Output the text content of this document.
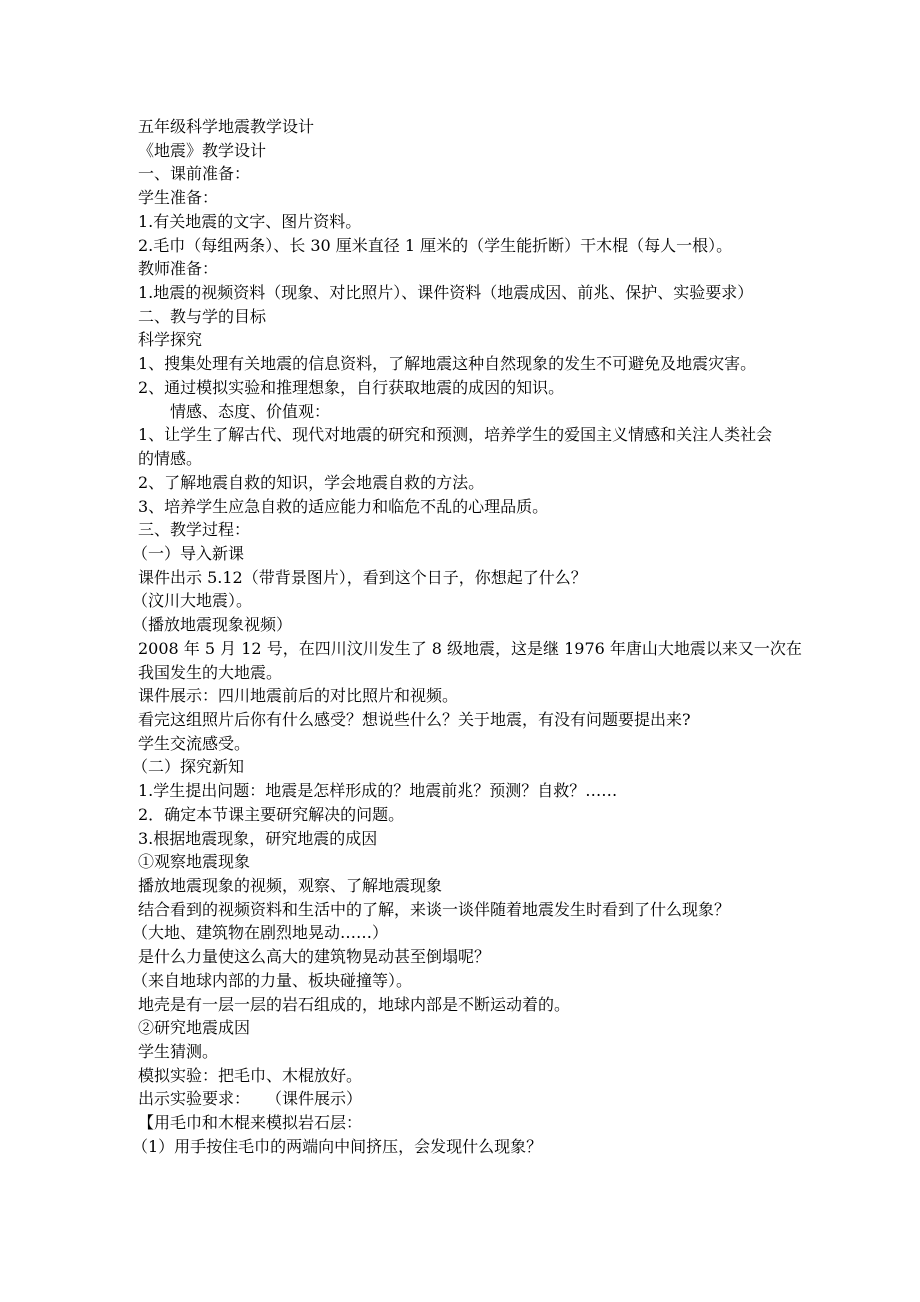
五年级科学地震教学设计
《地震》教学设计
一、课前准备：
学生准备：
1.有关地震的文字、图片资料。
2.毛巾（每组两条）、长 30 厘米直径 1 厘米的（学生能折断）干木棍（每人一根）。
教师准备：
1.地震的视频资料（现象、对比照片）、课件资料（地震成因、前兆、保护、实验要求）
二、教与学的目标
科学探究
1、搜集处理有关地震的信息资料，了解地震这种自然现象的发生不可避免及地震灾害。
2、通过模拟实验和推理想象，自行获取地震的成因的知识。
情感、态度、价值观：
1、让学生了解古代、现代对地震的研究和预测，培养学生的爱国主义情感和关注人类社会
的情感。
2、了解地震自救的知识，学会地震自救的方法。
3、培养学生应急自救的适应能力和临危不乱的心理品质。
三、教学过程：
（一）导入新课
课件出示 5.12（带背景图片），看到这个日子，你想起了什么？
（汶川大地震）。
（播放地震现象视频）
2008 年 5 月 12 号，在四川汶川发生了 8 级地震，这是继 1976 年唐山大地震以来又一次在
我国发生的大地震。
课件展示：四川地震前后的对比照片和视频。
看完这组照片后你有什么感受？想说些什么？关于地震，有没有问题要提出来?
学生交流感受。
（二）探究新知
1.学生提出问题：地震是怎样形成的？地震前兆？预测？自救？……
2．确定本节课主要研究解决的问题。
3.根据地震现象，研究地震的成因
①观察地震现象
播放地震现象的视频，观察、了解地震现象
结合看到的视频资料和生活中的了解，来谈一谈伴随着地震发生时看到了什么现象？
（大地、建筑物在剧烈地晃动……）
是什么力量使这么高大的建筑物晃动甚至倒塌呢？
（来自地球内部的力量、板块碰撞等）。
地壳是有一层一层的岩石组成的，地球内部是不断运动着的。
②研究地震成因
学生猜测。
模拟实验：把毛巾、木棍放好。
出示实验要求：　　（课件展示）
【用毛巾和木棍来模拟岩石层：
（1）用手按住毛巾的两端向中间挤压，会发现什么现象？
